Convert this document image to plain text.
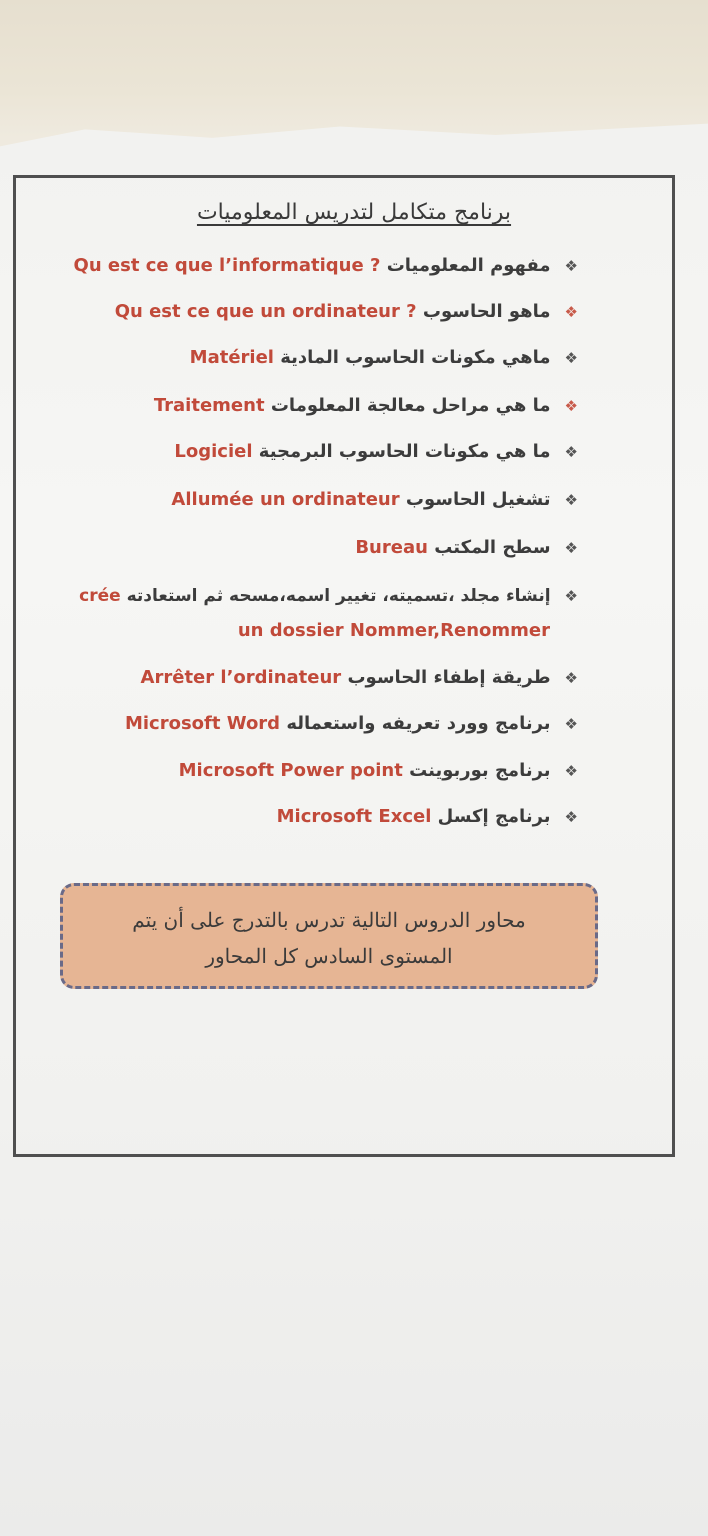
برنامج متكامل لتدريس المعلوميات
❖مفهوم المعلوميات Qu est ce que l’informatique ?
❖ماهو الحاسوب Qu est ce que un ordinateur ?
❖ماهي مكونات الحاسوب المادية Matériel
❖ما هي مراحل معالجة المعلومات Traitement
❖ما هي مكونات الحاسوب البرمجية Logiciel
❖تشغيل الحاسوب Allumée un ordinateur
❖سطح المكتب Bureau
❖إنشاء مجلد ،تسميته، تغيير اسمه،مسحه ثم استعادته crée
un dossier Nommer,Renommer
❖طريقة إطفاء الحاسوب Arrêter l’ordinateur
❖برنامج وورد تعريفه واستعماله Microsoft Word
❖برنامج بوربوينت Microsoft Power point
❖برنامج إكسل Microsoft Excel
محاور الدروس التالية تدرس بالتدرج على أن يتم
المستوى السادس كل المحاور
